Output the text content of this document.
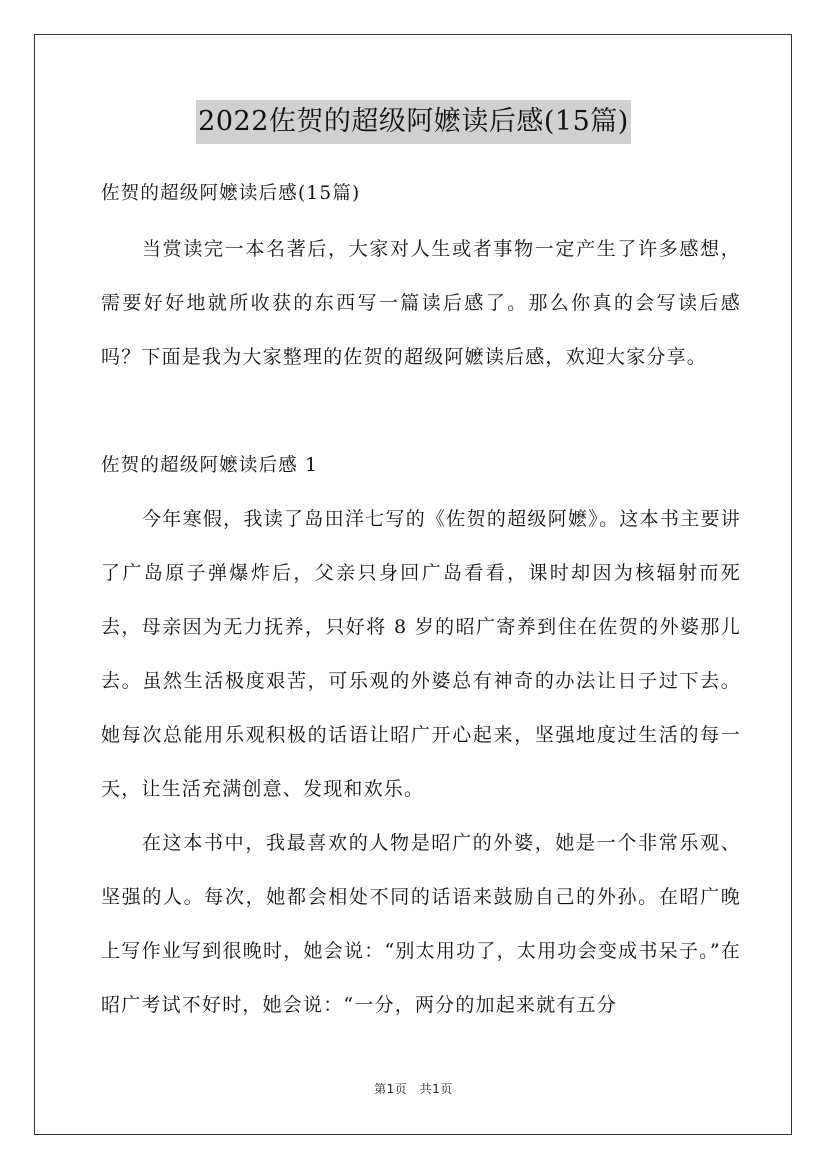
2022佐贺的超级阿嬷读后感(15篇)
佐贺的超级阿嬷读后感(15篇)

当赏读完一本名著后，大家对人生或者事物一定产生了许多感想，需要好好地就所收获的东西写一篇读后感了。那么你真的会写读后感吗？下面是我为大家整理的佐贺的超级阿嬷读后感，欢迎大家分享。

佐贺的超级阿嬷读后感 1

今年寒假，我读了岛田洋七写的《佐贺的超级阿嬷》。这本书主要讲了广岛原子弹爆炸后，父亲只身回广岛看看，课时却因为核辐射而死去，母亲因为无力抚养，只好将 8 岁的昭广寄养到住在佐贺的外婆那儿去。虽然生活极度艰苦，可乐观的外婆总有神奇的办法让日子过下去。她每次总能用乐观积极的话语让昭广开心起来，坚强地度过生活的每一天，让生活充满创意、发现和欢乐。

在这本书中，我最喜欢的人物是昭广的外婆，她是一个非常乐观、坚强的人。每次，她都会相处不同的话语来鼓励自己的外孙。在昭广晚上写作业写到很晚时，她会说：“别太用功了，太用功会变成书呆子。”在昭广考试不好时，她会说：“一分，两分的加起来就有五分

第1页　共1页
